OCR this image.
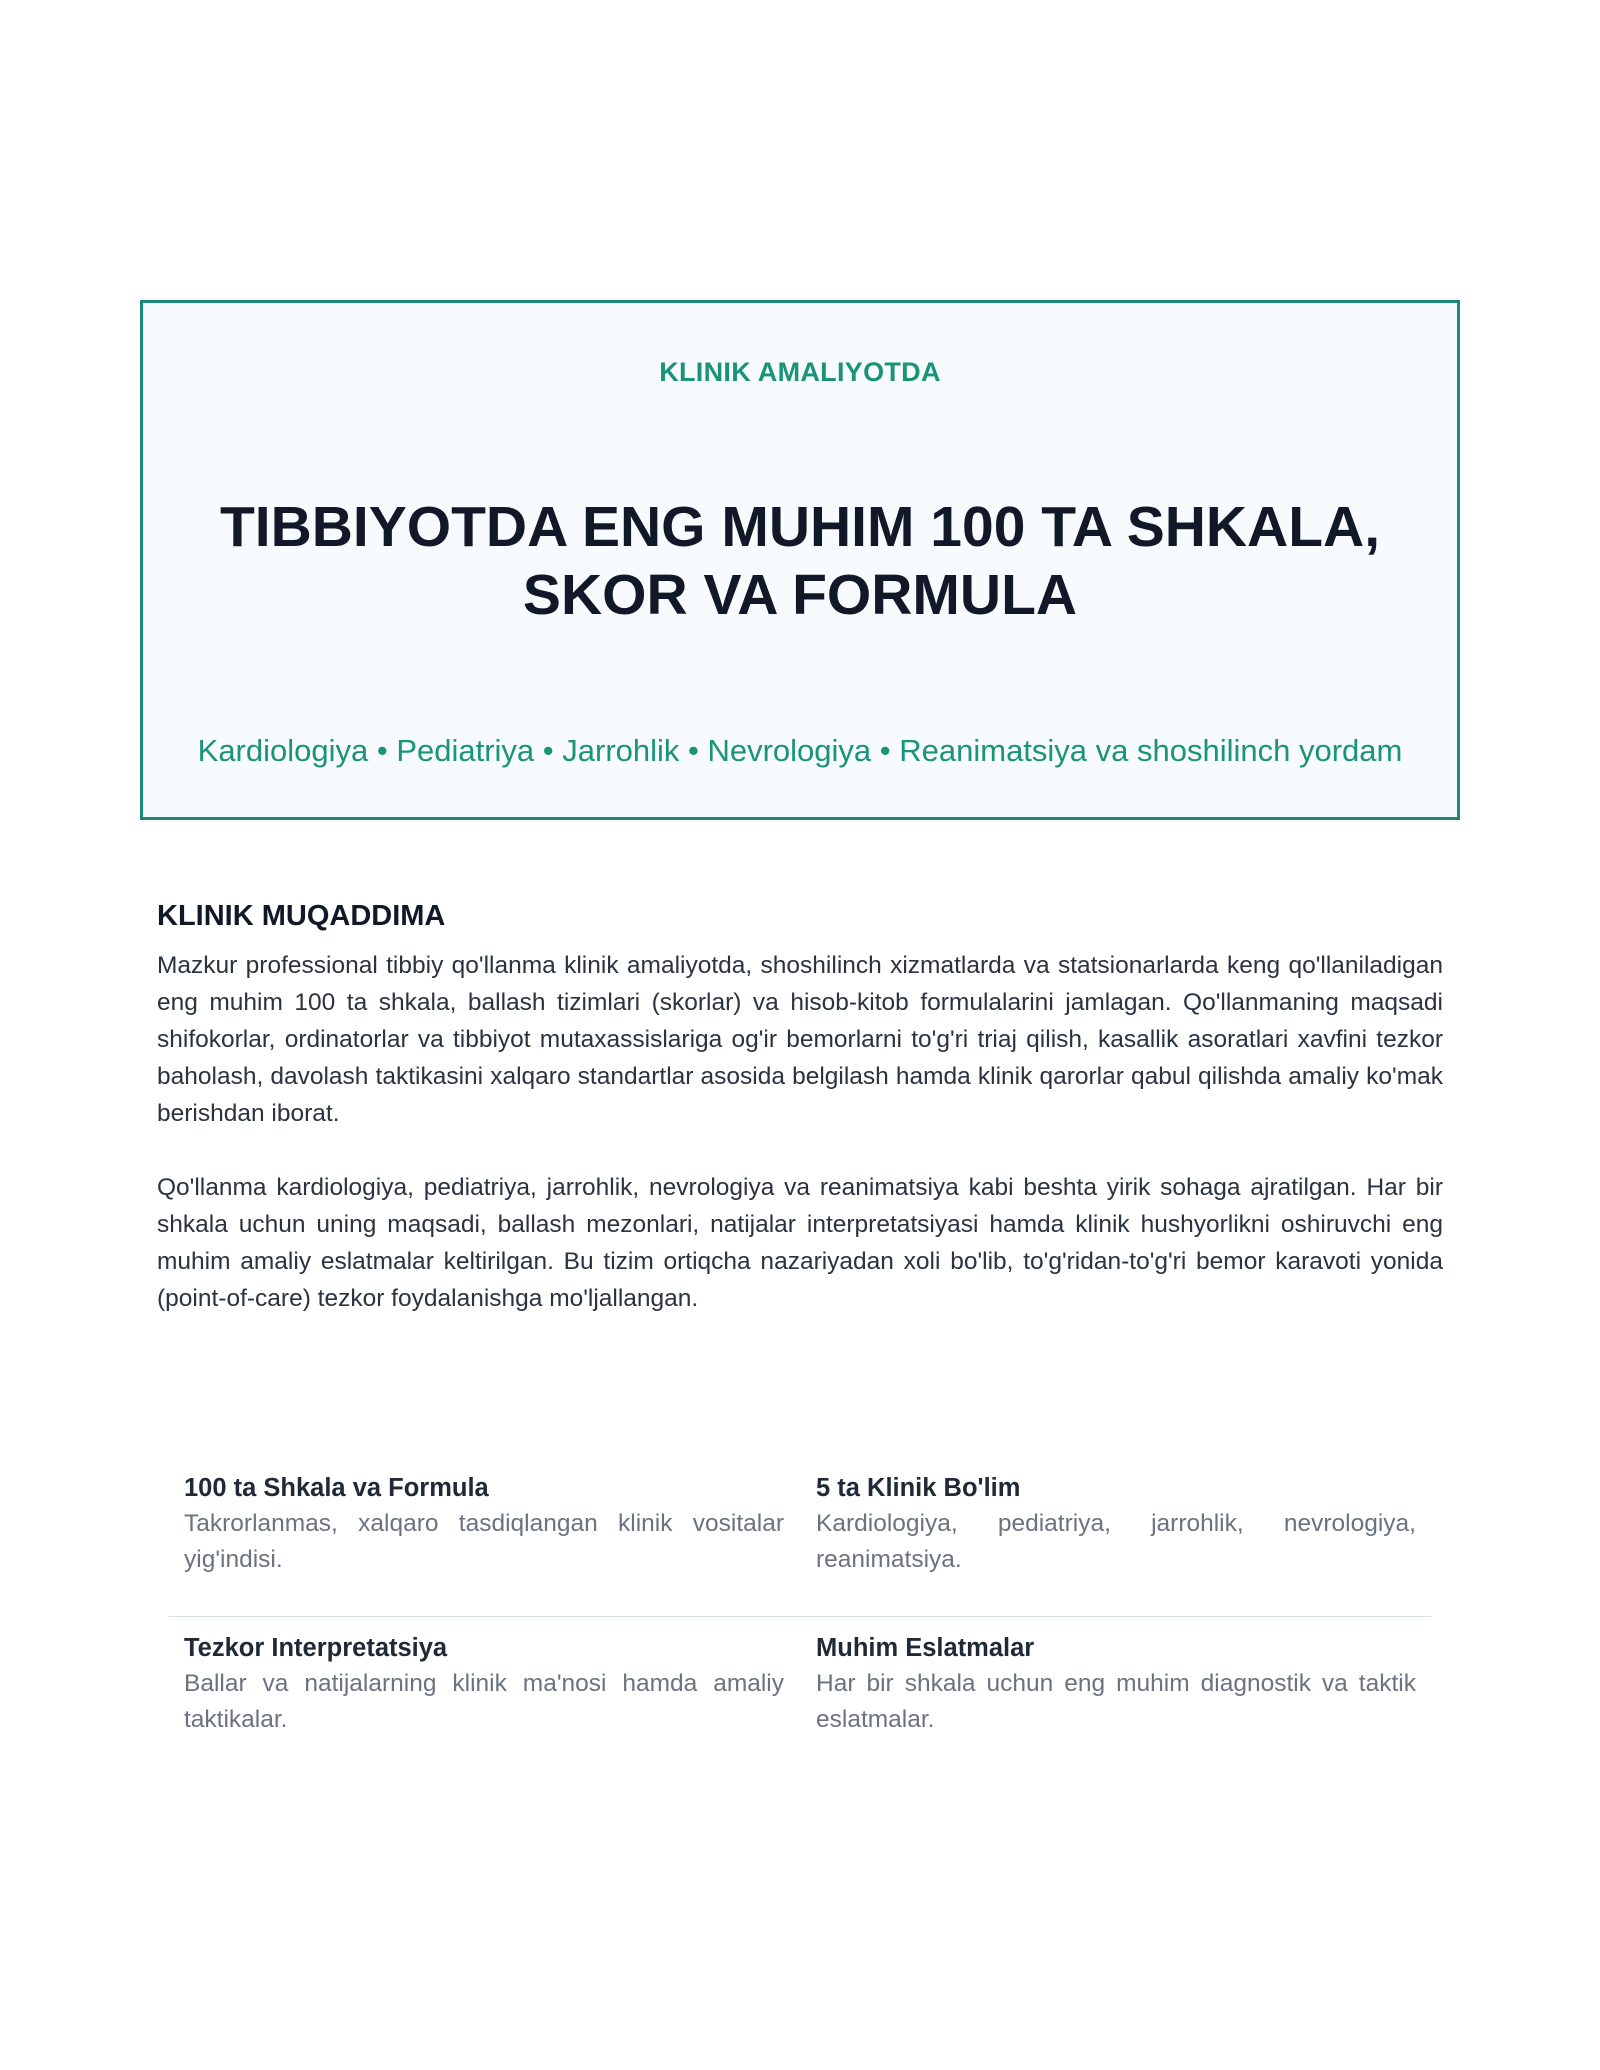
KLINIK AMALIYOTDA
TIBBIYOTDA ENG MUHIM 100 TA SHKALA,
SKOR VA FORMULA
Kardiologiya • Pediatriya • Jarrohlik • Nevrologiya • Reanimatsiya va shoshilinch yordam
KLINIK MUQADDIMA

Mazkur professional tibbiy qo'llanma klinik amaliyotda, shoshilinch xizmatlarda va statsionarlarda keng qo'llaniladigan eng muhim 100 ta shkala, ballash tizimlari (skorlar) va hisob-kitob formulalarini jamlagan. Qo'llanmaning maqsadi shifokorlar, ordinatorlar va tibbiyot mutaxassislariga og'ir bemorlarni to'g'ri triaj qilish, kasallik asoratlari xavfini tezkor baholash, davolash taktikasini xalqaro standartlar asosida belgilash hamda klinik qarorlar qabul qilishda amaliy ko'mak berishdan iborat.

Qo'llanma kardiologiya, pediatriya, jarrohlik, nevrologiya va reanimatsiya kabi beshta yirik sohaga ajratilgan. Har bir shkala uchun uning maqsadi, ballash mezonlari, natijalar interpretatsiyasi hamda klinik hushyorlikni oshiruvchi eng muhim amaliy eslatmalar keltirilgan. Bu tizim ortiqcha nazariyadan xoli bo'lib, to'g'ridan-to'g'ri bemor karavoti yonida (point-of-care) tezkor foydalanishga mo'ljallangan.

100 ta Shkala va Formula
Takrorlanmas, xalqaro tasdiqlangan klinik vositalar yig'indisi.
5 ta Klinik Bo'lim
Kardiologiya, pediatriya, jarrohlik, nevrologiya, reanimatsiya.
Tezkor Interpretatsiya
Ballar va natijalarning klinik ma'nosi hamda amaliy taktikalar.
Muhim Eslatmalar
Har bir shkala uchun eng muhim diagnostik va taktik eslatmalar.
